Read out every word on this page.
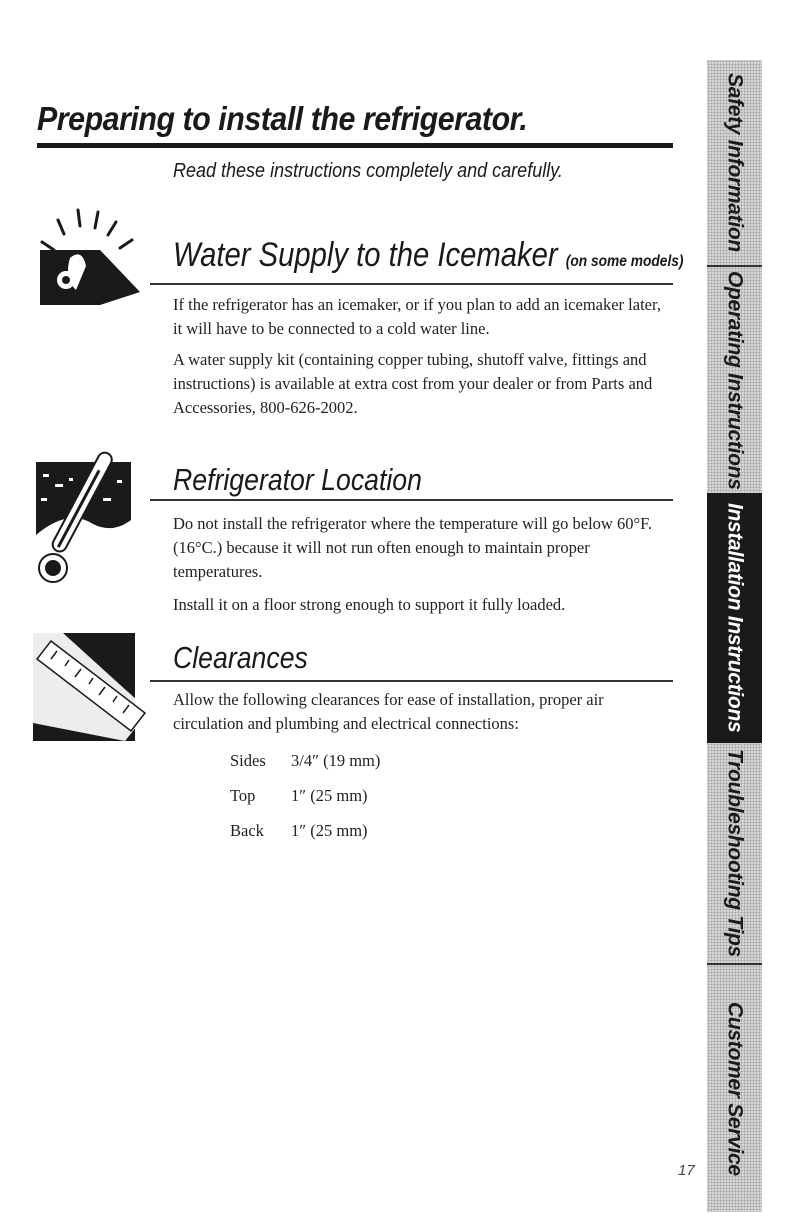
Preparing to install the refrigerator.

Read these instructions completely and carefully.

Water Supply to the Icemaker (on some models)

If the refrigerator has an icemaker, or if you plan to add an icemaker later, it will have to be connected to a cold water line.

A water supply kit (containing copper tubing, shutoff valve, fittings and instructions) is available at extra cost from your dealer or from Parts and Accessories, 800-626-2002.

Refrigerator Location

Do not install the refrigerator where the temperature will go below 60°F. (16°C.) because it will not run often enough to maintain proper temperatures.

Install it on a floor strong enough to support it fully loaded.

Clearances

Allow the following clearances for ease of installation, proper air circulation and plumbing and electrical connections:

Sides	3/4″ (19 mm)
Top	1″ (25 mm)
Back	1″ (25 mm)
Safety Information
Operating Instructions
Installation Instructions
Troubleshooting Tips
Customer Service

17
